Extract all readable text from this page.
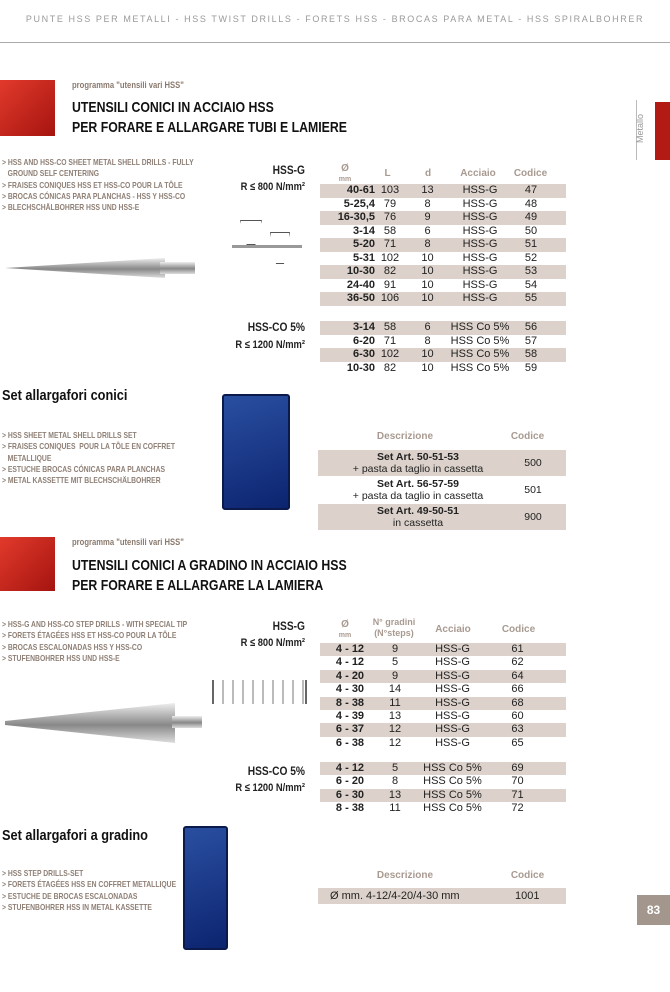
PUNTE HSS PER METALLI - HSS TWIST DRILLS - FORETS HSS - BROCAS PARA METAL - HSS SPIRALBOHRER
Metallo
programma "utensili vari HSS"
UTENSILI CONICI IN ACCIAIO HSS
PER FORARE E ALLARGARE TUBI E LAMIERE
> HSS AND HSS-CO SHEET METAL SHELL DRILLS - FULLY
GROUND SELF CENTERING
> FRAISES CONIQUES HSS ET HSS-CO POUR LA TÔLE
> BROCAS CÓNICAS PARA PLANCHAS - HSS Y HSS-CO
> BLECHSCHÄLBOHRER HSS UND HSS-E
HSS-G
R ≤ 800 N/mm²
HSS-CO 5%
R ≤ 1200 N/mm²
Ø
mm
L	d	Acciaio	Codice
40-61 103	13	HSS-G	47
5-25,4 79	8	HSS-G	48
16-30,5 76	9	HSS-G	49
3-14 58	6	HSS-G	50
5-20 71	8	HSS-G	51
5-31 102	10	HSS-G	52
10-30 82	10	HSS-G	53
24-40 91	10	HSS-G	54
36-50 106	10	HSS-G	55
3-14 58	6	HSS Co 5%	56
6-20 71	8	HSS Co 5%	57
6-30 102	10	HSS Co 5%	58
10-30 82	10	HSS Co 5%	59
Set allargafori conici
> HSS SHEET METAL SHELL DRILLS SET
> FRAISES CONIQUES  POUR LA TÔLE EN COFFRET
METALLIQUE
> ESTUCHE BROCAS CÓNICAS PARA PLANCHAS
> METAL KASSETTE MIT BLECHSCHÄLBOHRER
Descrizione	Codice
Set Art. 50-51-53
+ pasta da taglio in cassetta	500
Set Art. 56-57-59
+ pasta da taglio in cassetta	501
Set Art. 49-50-51
in cassetta	900
programma "utensili vari HSS"
UTENSILI CONICI A GRADINO IN ACCIAIO HSS
PER FORARE E ALLARGARE LA LAMIERA
> HSS-G AND HSS-CO STEP DRILLS - WITH SPECIAL TIP
> FORETS ÉTAGÉES HSS ET HSS-CO POUR LA TÔLE
> BROCAS ESCALONADAS HSS Y HSS-CO
> STUFENBOHRER HSS UND HSS-E
HSS-G
R ≤ 800 N/mm²
HSS-CO 5%
R ≤ 1200 N/mm²
Ø
mm
N° gradini
(N°steps)	Acciaio	Codice
4 - 12	9	HSS-G	61
4 - 12	5	HSS-G	62
4 - 20	9	HSS-G	64
4 - 30	14	HSS-G	66
8 - 38	11	HSS-G	68
4 - 39	13	HSS-G	60
6 - 37	12	HSS-G	63
6 - 38	12	HSS-G	65
4 - 12	5	HSS Co 5%	69
6 - 20	8	HSS Co 5%	70
6 - 30	13	HSS Co 5%	71
8 - 38	11	HSS Co 5%	72
Set allargafori a gradino
> HSS STEP DRILLS-SET
> FORETS ÉTAGÉES HSS EN COFFRET METALLIQUE
> ESTUCHE DE BROCAS ESCALONADAS
> STUFENBOHRER HSS IN METAL KASSETTE
Descrizione	Codice
Ø mm. 4-12/4-20/4-30 mm	1001
83
